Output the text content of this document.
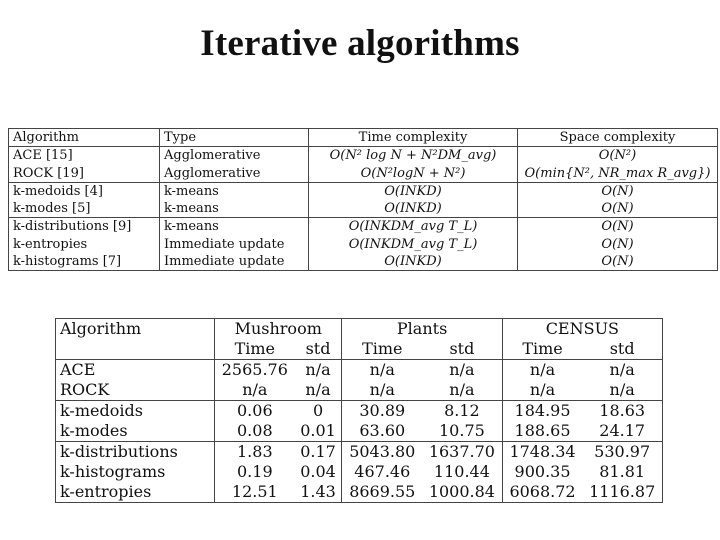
Iterative algorithms
Algorithm	Type	Time complexity	Space complexity
ACE [15]	Agglomerative	O(N² log N + N²DM_avg)	O(N²)
ROCK [19]	Agglomerative	O(N²logN + N²)	O(min{N², NR_max R_avg})
k-medoids [4]	k-means	O(INKD)	O(N)
k-modes [5]	k-means	O(INKD)	O(N)
k-distributions [9]	k-means	O(INKDM_avg T_L)	O(N)
k-entropies	Immediate update	O(INKDM_avg T_L)	O(N)
k-histograms [7]	Immediate update	O(INKD)	O(N)
Algorithm	Mushroom		Plants		CENSUS	
	Time	std	Time	std	Time	std
ACE	2565.76	n/a	n/a	n/a	n/a	n/a
ROCK	n/a	n/a	n/a	n/a	n/a	n/a
k-medoids	0.06	0	30.89	8.12	184.95	18.63
k-modes	0.08	0.01	63.60	10.75	188.65	24.17
k-distributions	1.83	0.17	5043.80	1637.70	1748.34	530.97
k-histograms	0.19	0.04	467.46	110.44	900.35	81.81
k-entropies	12.51	1.43	8669.55	1000.84	6068.72	1116.87
